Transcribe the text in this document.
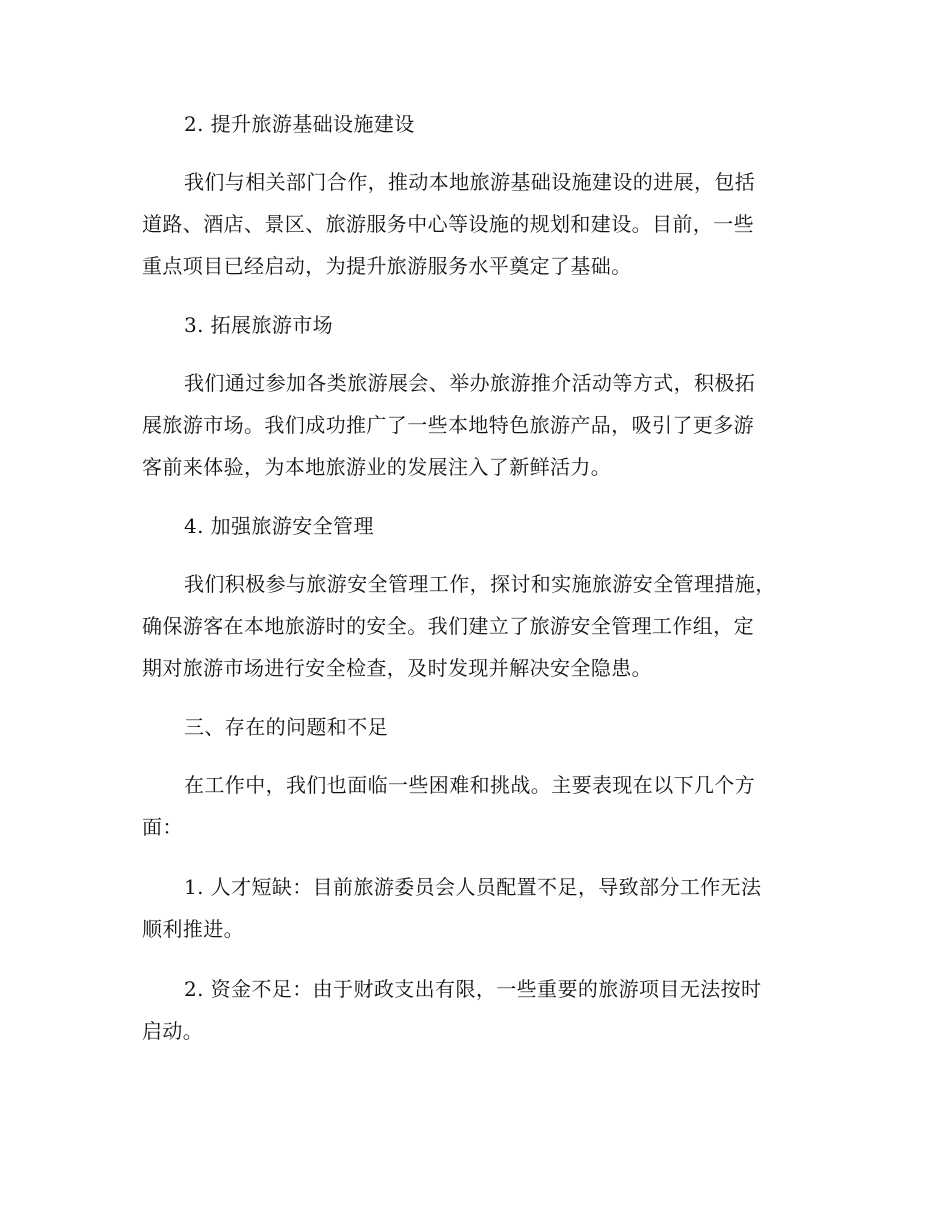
2. 提升旅游基础设施建设
我们与相关部门合作，推动本地旅游基础设施建设的进展，包括
道路、酒店、景区、旅游服务中心等设施的规划和建设。目前，一些
重点项目已经启动，为提升旅游服务水平奠定了基础。
3. 拓展旅游市场
我们通过参加各类旅游展会、举办旅游推介活动等方式，积极拓
展旅游市场。我们成功推广了一些本地特色旅游产品，吸引了更多游
客前来体验，为本地旅游业的发展注入了新鲜活力。
4. 加强旅游安全管理
我们积极参与旅游安全管理工作，探讨和实施旅游安全管理措施，
确保游客在本地旅游时的安全。我们建立了旅游安全管理工作组，定
期对旅游市场进行安全检查，及时发现并解决安全隐患。
三、存在的问题和不足
在工作中，我们也面临一些困难和挑战。主要表现在以下几个方
面：
1. 人才短缺：目前旅游委员会人员配置不足，导致部分工作无法
顺利推进。
2. 资金不足：由于财政支出有限，一些重要的旅游项目无法按时
启动。
